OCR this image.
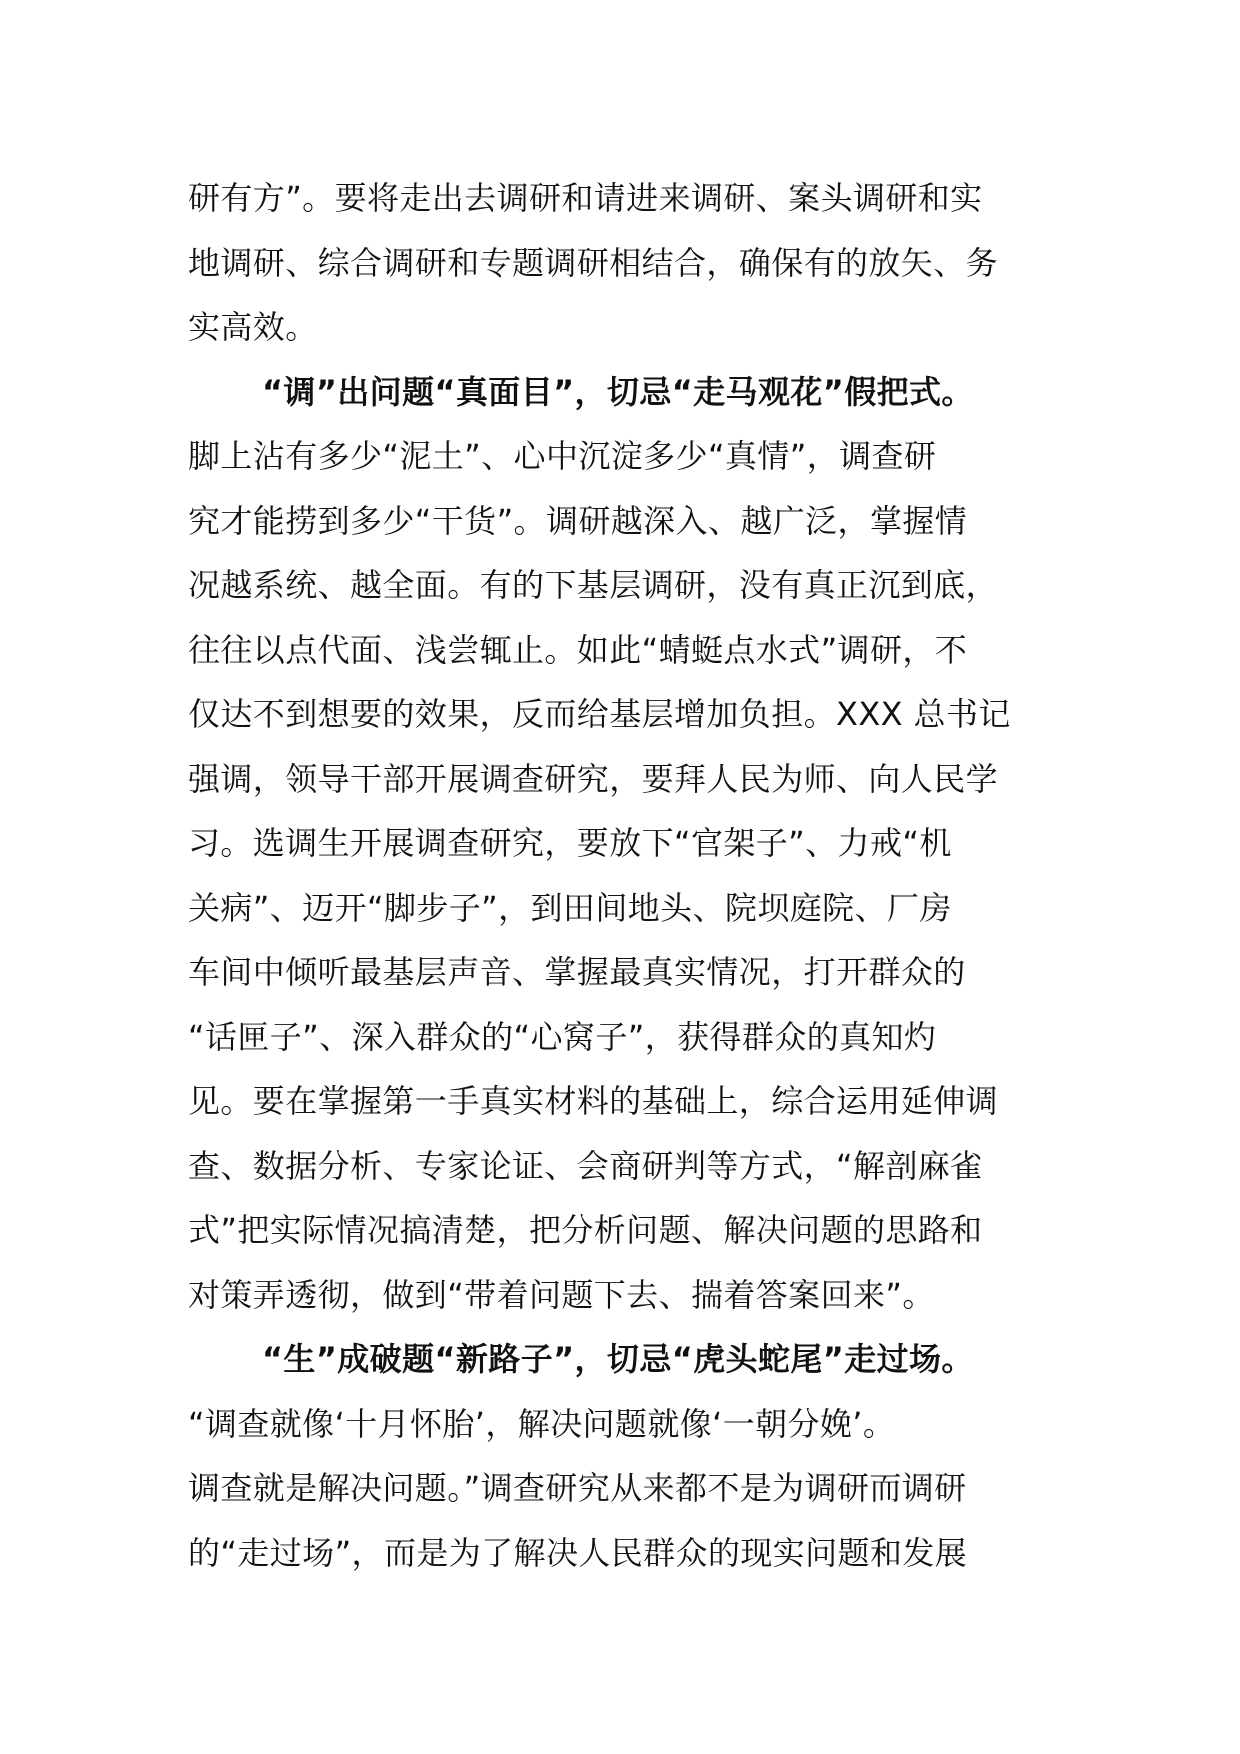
研有方”。要将走出去调研和请进来调研、案头调研和实
地调研、综合调研和专题调研相结合，确保有的放矢、务
实高效。
“调”出问题“真面目”，切忌“走马观花”假把式。
脚上沾有多少“泥土”、心中沉淀多少“真情”，调查研
究才能捞到多少“干货”。调研越深入、越广泛，掌握情
况越系统、越全面。有的下基层调研，没有真正沉到底，
往往以点代面、浅尝辄止。如此“蜻蜓点水式”调研，不
仅达不到想要的效果，反而给基层增加负担。XXX 总书记
强调，领导干部开展调查研究，要拜人民为师、向人民学
习。选调生开展调查研究，要放下“官架子”、力戒“机
关病”、迈开“脚步子”，到田间地头、院坝庭院、厂房
车间中倾听最基层声音、掌握最真实情况，打开群众的
“话匣子”、深入群众的“心窝子”，获得群众的真知灼
见。要在掌握第一手真实材料的基础上，综合运用延伸调
查、数据分析、专家论证、会商研判等方式，“解剖麻雀
式”把实际情况搞清楚，把分析问题、解决问题的思路和
对策弄透彻，做到“带着问题下去、揣着答案回来”。
“生”成破题“新路子”，切忌“虎头蛇尾”走过场。
“调查就像‘十月怀胎’，解决问题就像‘一朝分娩’。
调查就是解决问题。”调查研究从来都不是为调研而调研
的“走过场”，而是为了解决人民群众的现实问题和发展
